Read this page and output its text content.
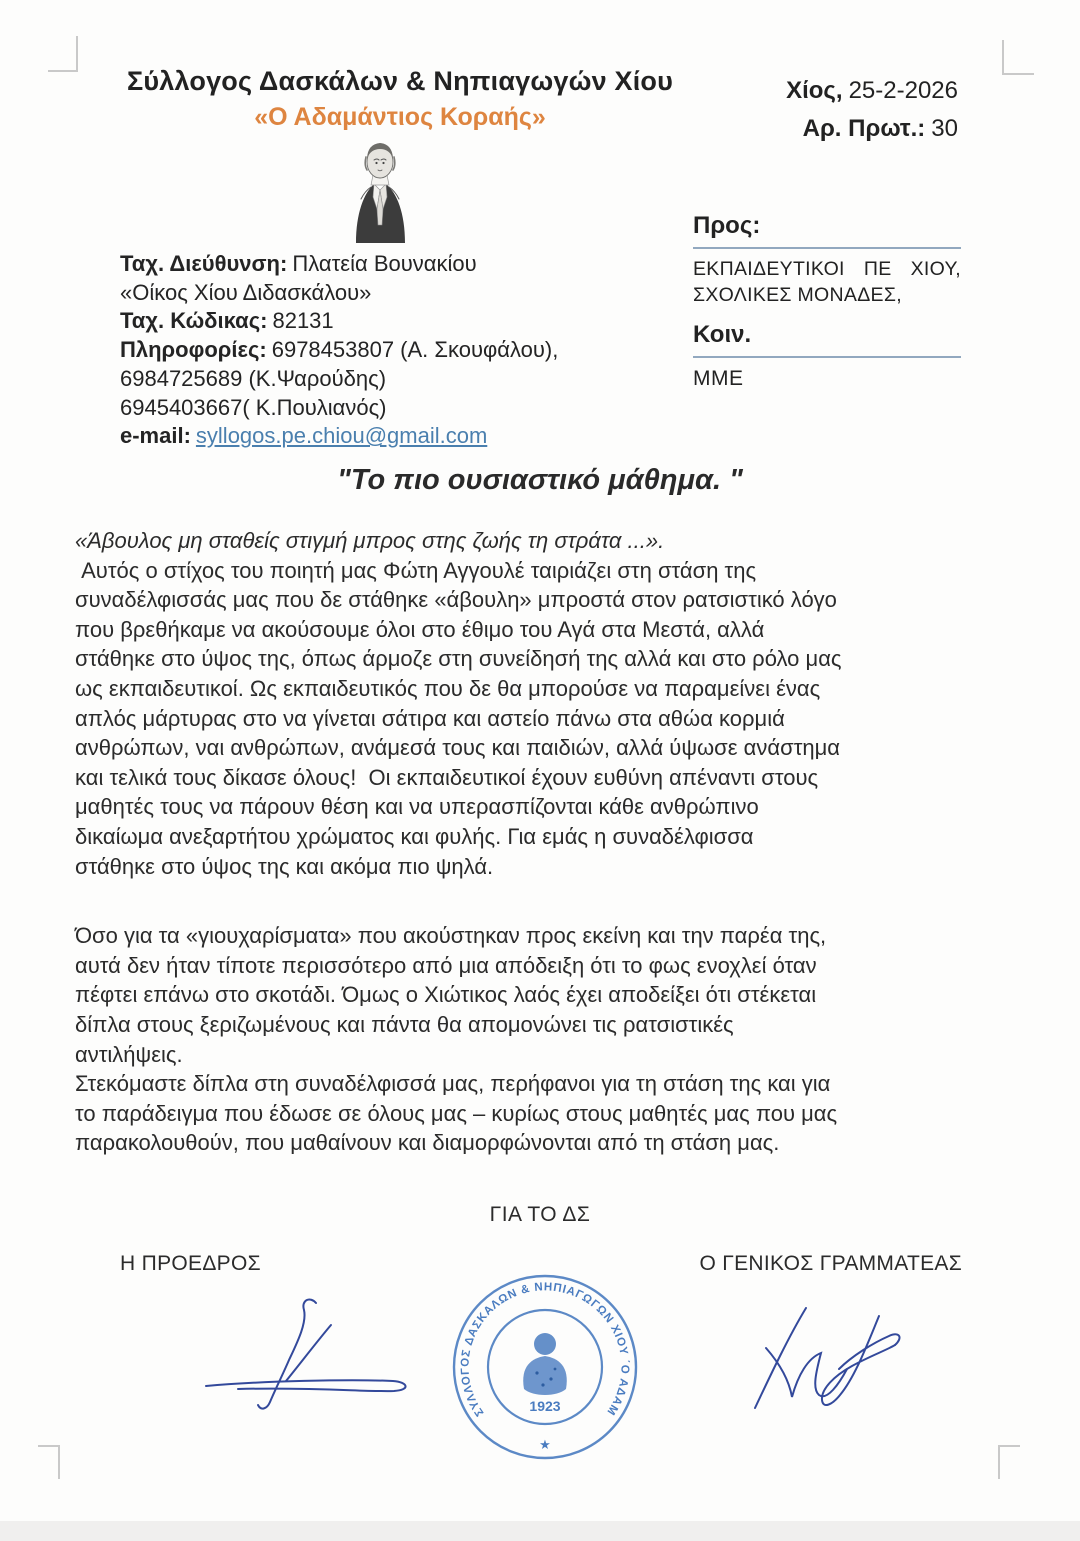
Σύλλογος Δασκάλων & Νηπιαγωγών Χίου
«Ο Αδαμάντιος Κοραής»
Χίος, 25-2-2026
Αρ. Πρωτ.: 30
Ταχ. Διεύθυνση: Πλατεία Βουνακίου
«Οίκος Χίου Διδασκάλου»
Ταχ. Κώδικας: 82131
Πληροφορίες: 6978453807 (Α. Σκουφάλου),
6984725689 (Κ.Ψαρούδης)
6945403667( Κ.Πουλιανός)
e-mail: syllogos.pe.chiou@gmail.com
Προς:
ΕΚΠΑΙΔΕΥΤΙΚΟΙ ΠΕ ΧΙΟΥ,
ΣΧΟΛΙΚΕΣ ΜΟΝΑΔΕΣ,
Κοιν.
ΜΜΕ
"Το πιο ουσιαστικό μάθημα. "
«Άβουλος μη σταθείς στιγμή μπρος στης ζωής τη στράτα ...».
Αυτός ο στίχος του ποιητή μας Φώτη Αγγουλέ ταιριάζει στη στάση της
συναδέλφισσάς μας που δε στάθηκε «άβουλη» μπροστά στον ρατσιστικό λόγο
που βρεθήκαμε να ακούσουμε όλοι στο έθιμο του Αγά στα Μεστά, αλλά
στάθηκε στο ύψος της, όπως άρμοζε στη συνείδησή της αλλά και στο ρόλο μας
ως εκπαιδευτικοί. Ως εκπαιδευτικός που δε θα μπορούσε να παραμείνει ένας
απλός μάρτυρας στο να γίνεται σάτιρα και αστείο πάνω στα αθώα κορμιά
ανθρώπων, ναι ανθρώπων, ανάμεσά τους και παιδιών, αλλά ύψωσε ανάστημα
και τελικά τους δίκασε όλους!  Οι εκπαιδευτικοί έχουν ευθύνη απέναντι στους
μαθητές τους να πάρουν θέση και να υπερασπίζονται κάθε ανθρώπινο
δικαίωμα ανεξαρτήτου χρώματος και φυλής. Για εμάς η συναδέλφισσα
στάθηκε στο ύψος της και ακόμα πιο ψηλά.
Όσο για τα «γιουχαρίσματα» που ακούστηκαν προς εκείνη και την παρέα της,
αυτά δεν ήταν τίποτε περισσότερο από μια απόδειξη ότι το φως ενοχλεί όταν
πέφτει επάνω στο σκοτάδι. Όμως ο Χιώτικος λαός έχει αποδείξει ότι στέκεται
δίπλα στους ξεριζωμένους και πάντα θα απομονώνει τις ρατσιστικές
αντιλήψεις.
Στεκόμαστε δίπλα στη συναδέλφισσά μας, περήφανοι για τη στάση της και για
το παράδειγμα που έδωσε σε όλους μας – κυρίως στους μαθητές μας που μας
παρακολουθούν, που μαθαίνουν και διαμορφώνονται από τη στάση μας.
ΓΙΑ ΤΟ ΔΣ
Η ΠΡΟΕΔΡΟΣ	Ο ΓΕΝΙΚΟΣ ΓΡΑΜΜΑΤΕΑΣ
ΣΥΛΛΟΓΟΣ ΔΑΣΚΑΛΩΝ & ΝΗΠΙΑΓΩΓΩΝ ΧΙΟΥ ΄Ο ΑΔΑΜ
★
1923
